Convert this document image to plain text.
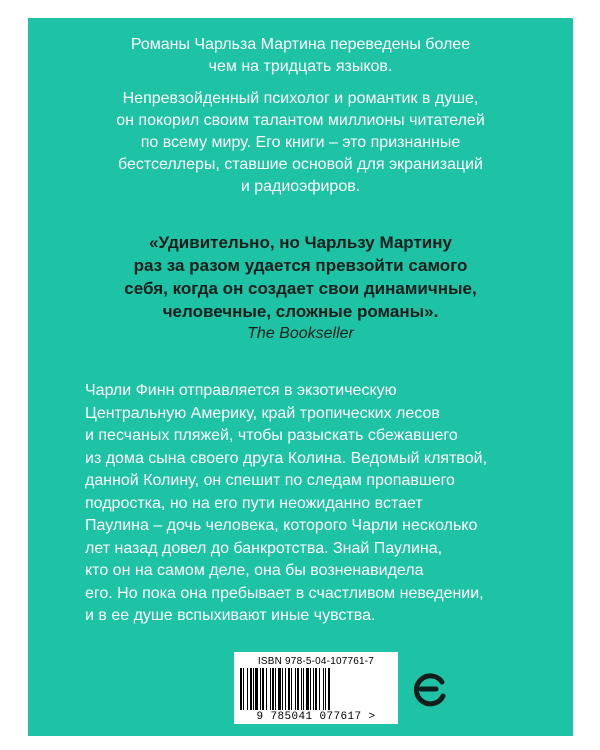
Романы Чарльза Мартина переведены более

чем на тридцать языков.

Непревзойденный психолог и романтик в душе,

он покорил своим талантом миллионы читателей

по всему миру. Его книги – это признанные

бестселлеры, ставшие основой для экранизаций

и радиоэфиров.

«Удивительно, но Чарльзу Мартину

раз за разом удается превзойти самого

себя, когда он создает свои динамичные,

человечные, сложные романы».

The Bookseller

Чарли Финн отправляется в экзотическую

Центральную Америку, край тропических лесов

и песчаных пляжей, чтобы разыскать сбежавшего

из дома сына своего друга Колина. Ведомый клятвой,

данной Колину, он спешит по следам пропавшего

подростка, но на его пути неожиданно встает

Паулина – дочь человека, которого Чарли несколько

лет назад довел до банкротства. Знай Паулина,

кто он на самом деле, она бы возненавидела

его. Но пока она пребывает в счастливом неведении,

и в ее душе вспыхивают иные чувства.

ISBN 978-5-04-107761-7
9 785041 077617 >
